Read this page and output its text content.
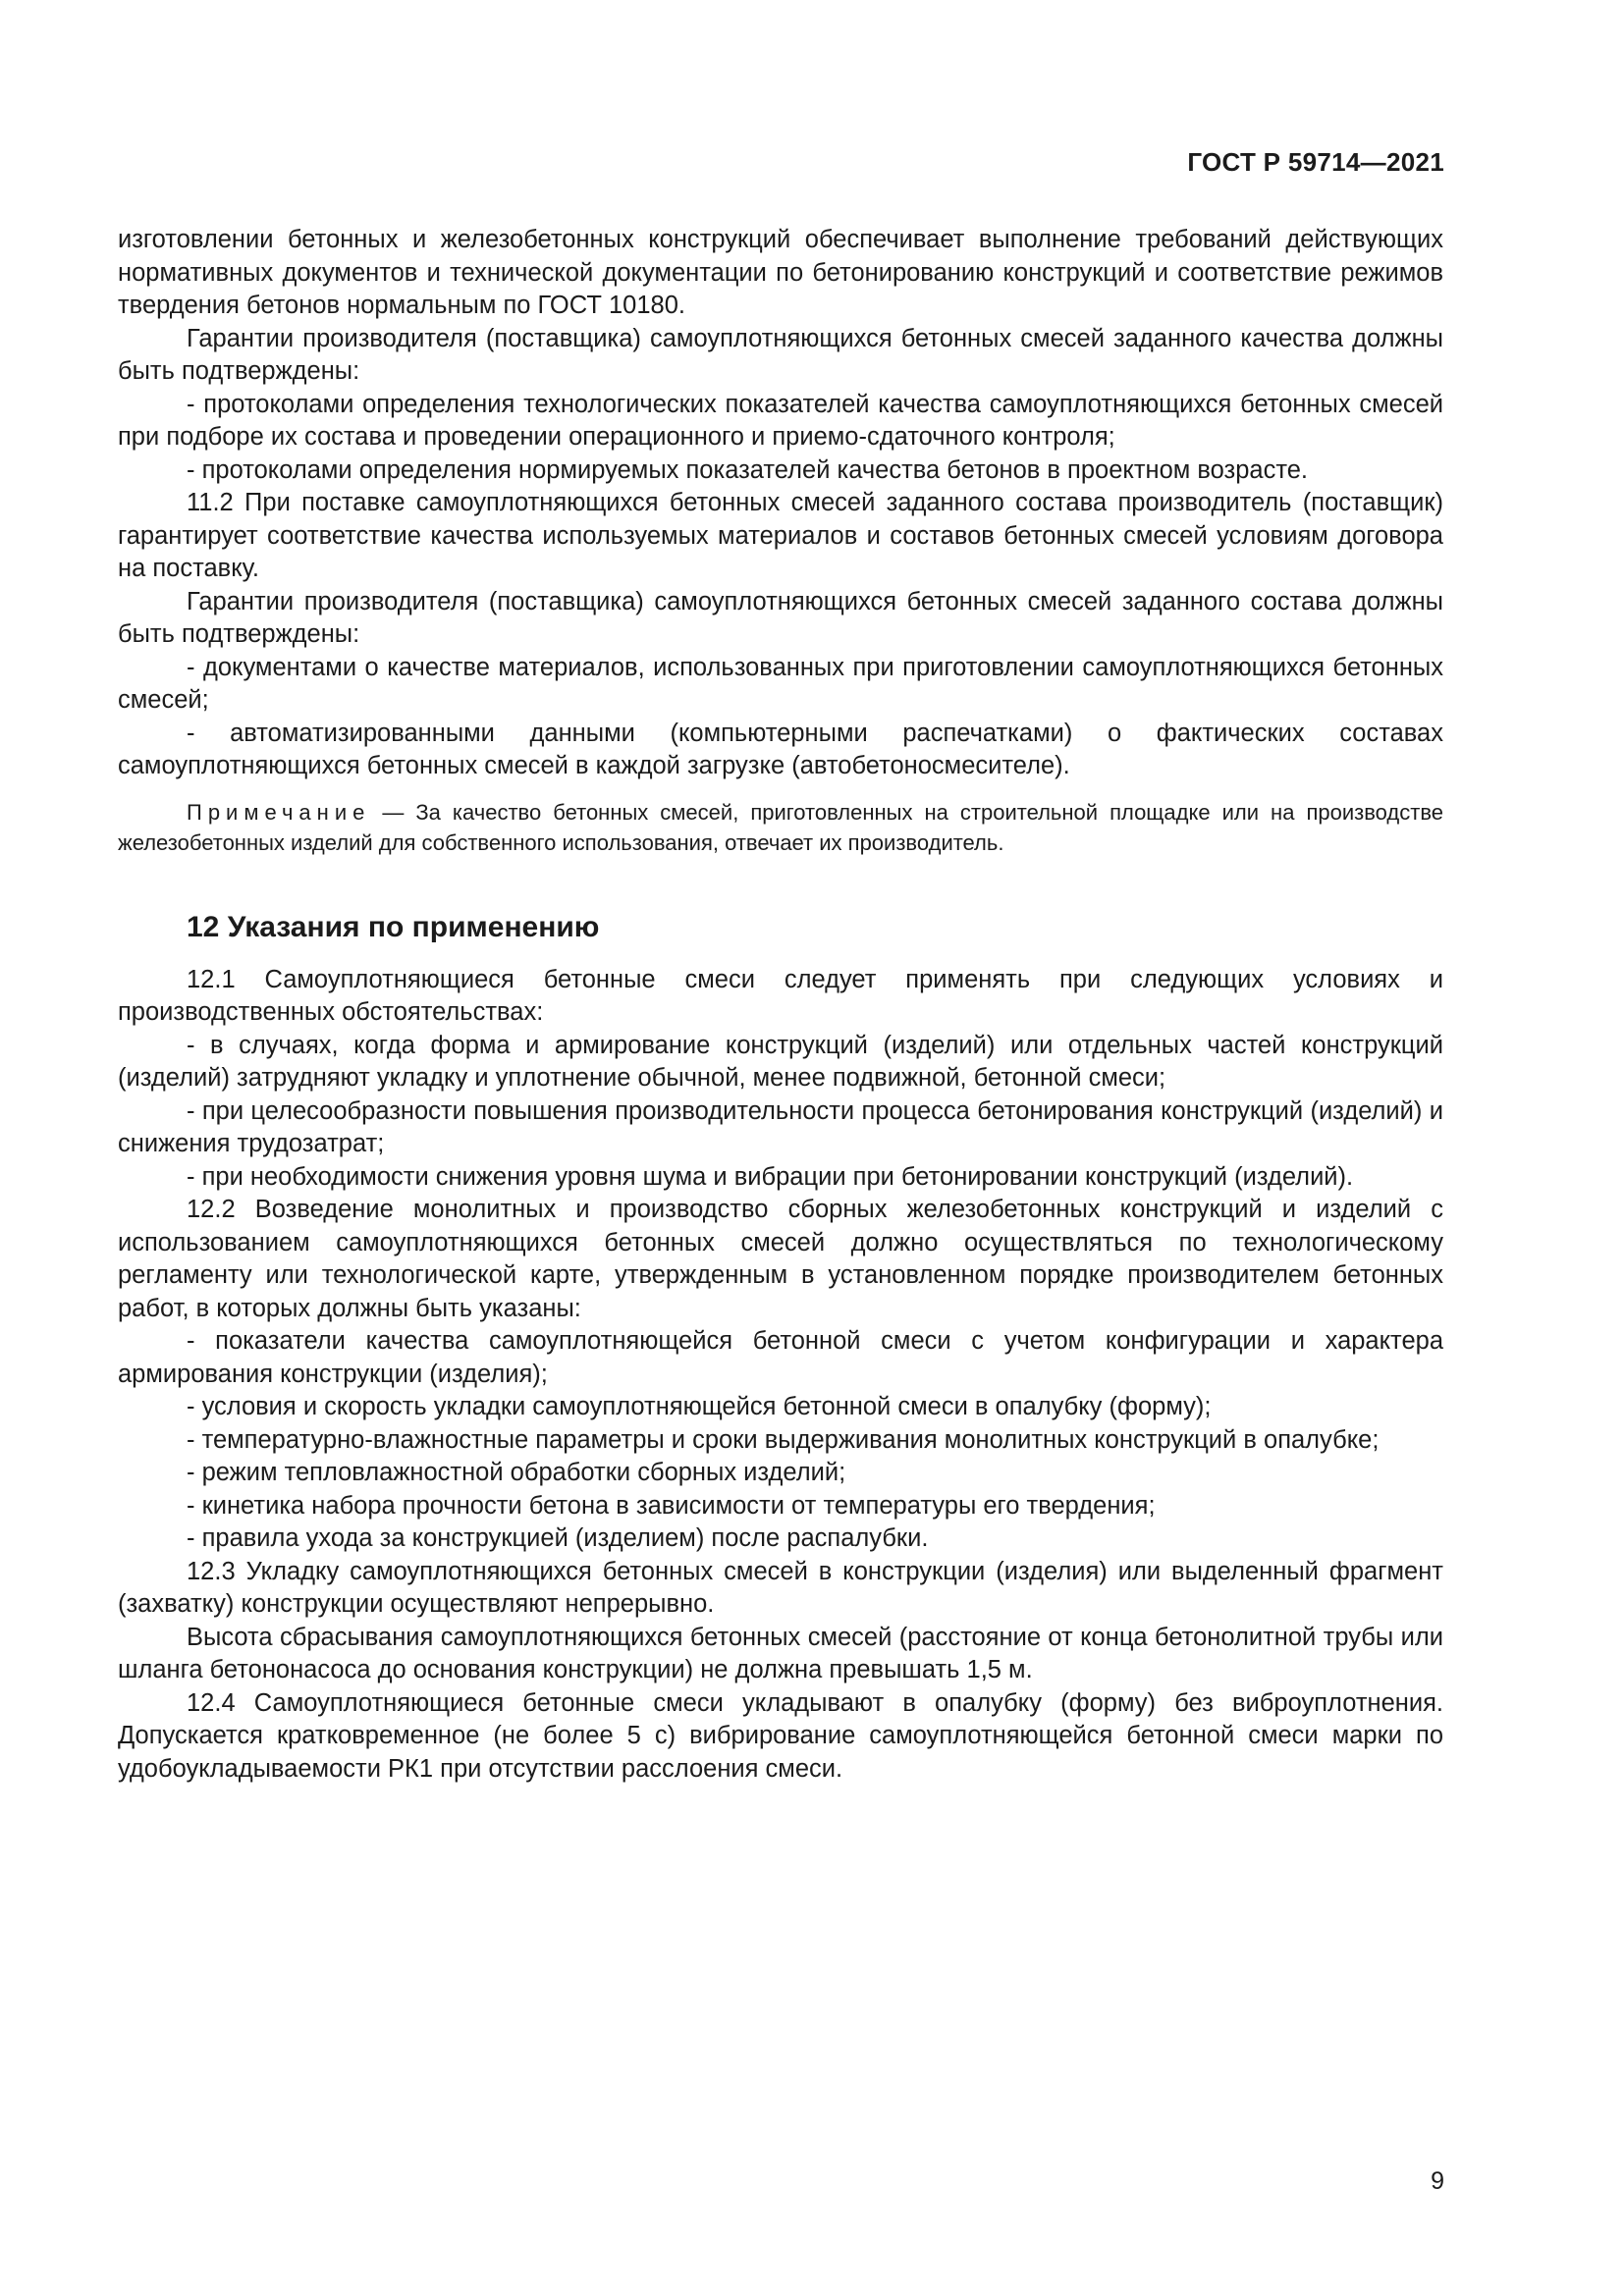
ГОСТ Р 59714—2021

изготовлении бетонных и железобетонных конструкций обеспечивает выполнение требований действующих нормативных документов и технической документации по бетонированию конструкций и соответствие режимов твердения бетонов нормальным по ГОСТ 10180.

Гарантии производителя (поставщика) самоуплотняющихся бетонных смесей заданного качества должны быть подтверждены:

- протоколами определения технологических показателей качества самоуплотняющихся бетонных смесей при подборе их состава и проведении операционного и приемо-сдаточного контроля;

- протоколами определения нормируемых показателей качества бетонов в проектном возрасте.

11.2 При поставке самоуплотняющихся бетонных смесей заданного состава производитель (поставщик) гарантирует соответствие качества используемых материалов и составов бетонных смесей условиям договора на поставку.

Гарантии производителя (поставщика) самоуплотняющихся бетонных смесей заданного состава должны быть подтверждены:

- документами о качестве материалов, использованных при приготовлении самоуплотняющихся бетонных смесей;

- автоматизированными данными (компьютерными распечатками) о фактических составах самоуплотняющихся бетонных смесей в каждой загрузке (автобетоносмесителе).

Примечание — За качество бетонных смесей, приготовленных на строительной площадке или на производстве железобетонных изделий для собственного использования, отвечает их производитель.

12 Указания по применению

12.1 Самоуплотняющиеся бетонные смеси следует применять при следующих условиях и производственных обстоятельствах:

- в случаях, когда форма и армирование конструкций (изделий) или отдельных частей конструкций (изделий) затрудняют укладку и уплотнение обычной, менее подвижной, бетонной смеси;

- при целесообразности повышения производительности процесса бетонирования конструкций (изделий) и снижения трудозатрат;

- при необходимости снижения уровня шума и вибрации при бетонировании конструкций (изделий).

12.2 Возведение монолитных и производство сборных железобетонных конструкций и изделий с использованием самоуплотняющихся бетонных смесей должно осуществляться по технологическому регламенту или технологической карте, утвержденным в установленном порядке производителем бетонных работ, в которых должны быть указаны:

- показатели качества самоуплотняющейся бетонной смеси с учетом конфигурации и характера армирования конструкции (изделия);

- условия и скорость укладки самоуплотняющейся бетонной смеси в опалубку (форму);

- температурно-влажностные параметры и сроки выдерживания монолитных конструкций в опалубке;

- режим тепловлажностной обработки сборных изделий;

- кинетика набора прочности бетона в зависимости от температуры его твердения;

- правила ухода за конструкцией (изделием) после распалубки.

12.3 Укладку самоуплотняющихся бетонных смесей в конструкции (изделия) или выделенный фрагмент (захватку) конструкции осуществляют непрерывно.

Высота сбрасывания самоуплотняющихся бетонных смесей (расстояние от конца бетонолитной трубы или шланга бетононасоса до основания конструкции) не должна превышать 1,5 м.

12.4 Самоуплотняющиеся бетонные смеси укладывают в опалубку (форму) без виброуплотнения. Допускается кратковременное (не более 5 с) вибрирование самоуплотняющейся бетонной смеси марки по удобоукладываемости РК1 при отсутствии расслоения смеси.

9
